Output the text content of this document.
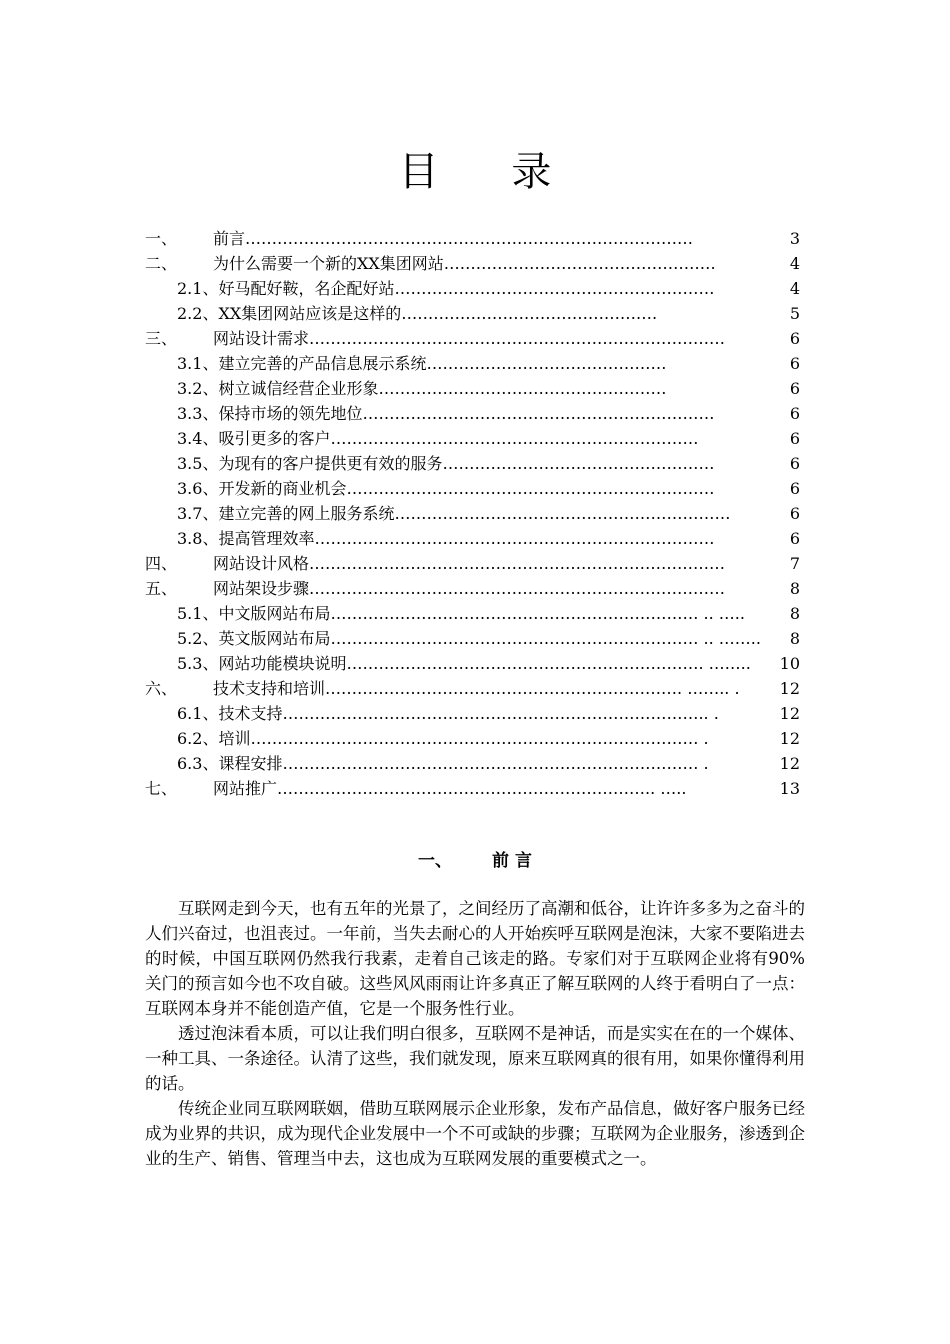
目 录
一、 前言…………………………………………………………………………	3
二、 为什么需要一个新的XX集团网站……………………………………………	4
2.1、好马配好鞍，名企配好站……………………………………………………	4
2.2、XX集团网站应该是这样的…………………………………………	5
三、 网站设计需求……………………………………………………………………	6
3.1、建立完善的产品信息展示系统………………………………………	6
3.2、树立诚信经营企业形象………………………………………………	6
3.3、保持市场的领先地位…………………………………………………………	6
3.4、吸引更多的客户……………………………………………………………	6
3.5、为现有的客户提供更有效的服务……………………………………………	6
3.6、开发新的商业机会……………………………………………………………	6
3.7、建立完善的网上服务系统………………………………………………………	6
3.8、提高管理效率…………………………………………………………………	6
四、 网站设计风格……………………………………………………………………	7
五、 网站架设步骤……………………………………………………………………	8
5.1、中文版网站布局…………………………………………………………… .. …..	8
5.2、英文版网站布局…………………………………………………………… .. …….. 8
5.3、网站功能模块说明…………………………………………………………. …….. 10
六、 技术支持和培训…………………………………………………………. …….. .	12
6.1、技术支持…………………………………………………………………….. .	12
6.2、培训………………………………………………………………………… .	12
6.3、课程安排…………………………………………………………………… .	12
七、 网站推广…………………………………………………………….. …..	13
一、 前 言

互联网走到今天，也有五年的光景了，之间经历了高潮和低谷，让许许多多为之奋斗的人们兴奋过，也沮丧过。一年前，当失去耐心的人开始疾呼互联网是泡沫，大家不要陷进去的时候，中国互联网仍然我行我素，走着自己该走的路。专家们对于互联网企业将有90%关门的预言如今也不攻自破。这些风风雨雨让许多真正了解互联网的人终于看明白了一点：互联网本身并不能创造产值，它是一个服务性行业。

透过泡沫看本质，可以让我们明白很多，互联网不是神话，而是实实在在的一个媒体、一种工具、一条途径。认清了这些，我们就发现，原来互联网真的很有用，如果你懂得利用的话。

传统企业同互联网联姻，借助互联网展示企业形象，发布产品信息，做好客户服务已经成为业界的共识，成为现代企业发展中一个不可或缺的步骤；互联网为企业服务，渗透到企业的生产、销售、管理当中去，这也成为互联网发展的重要模式之一。
